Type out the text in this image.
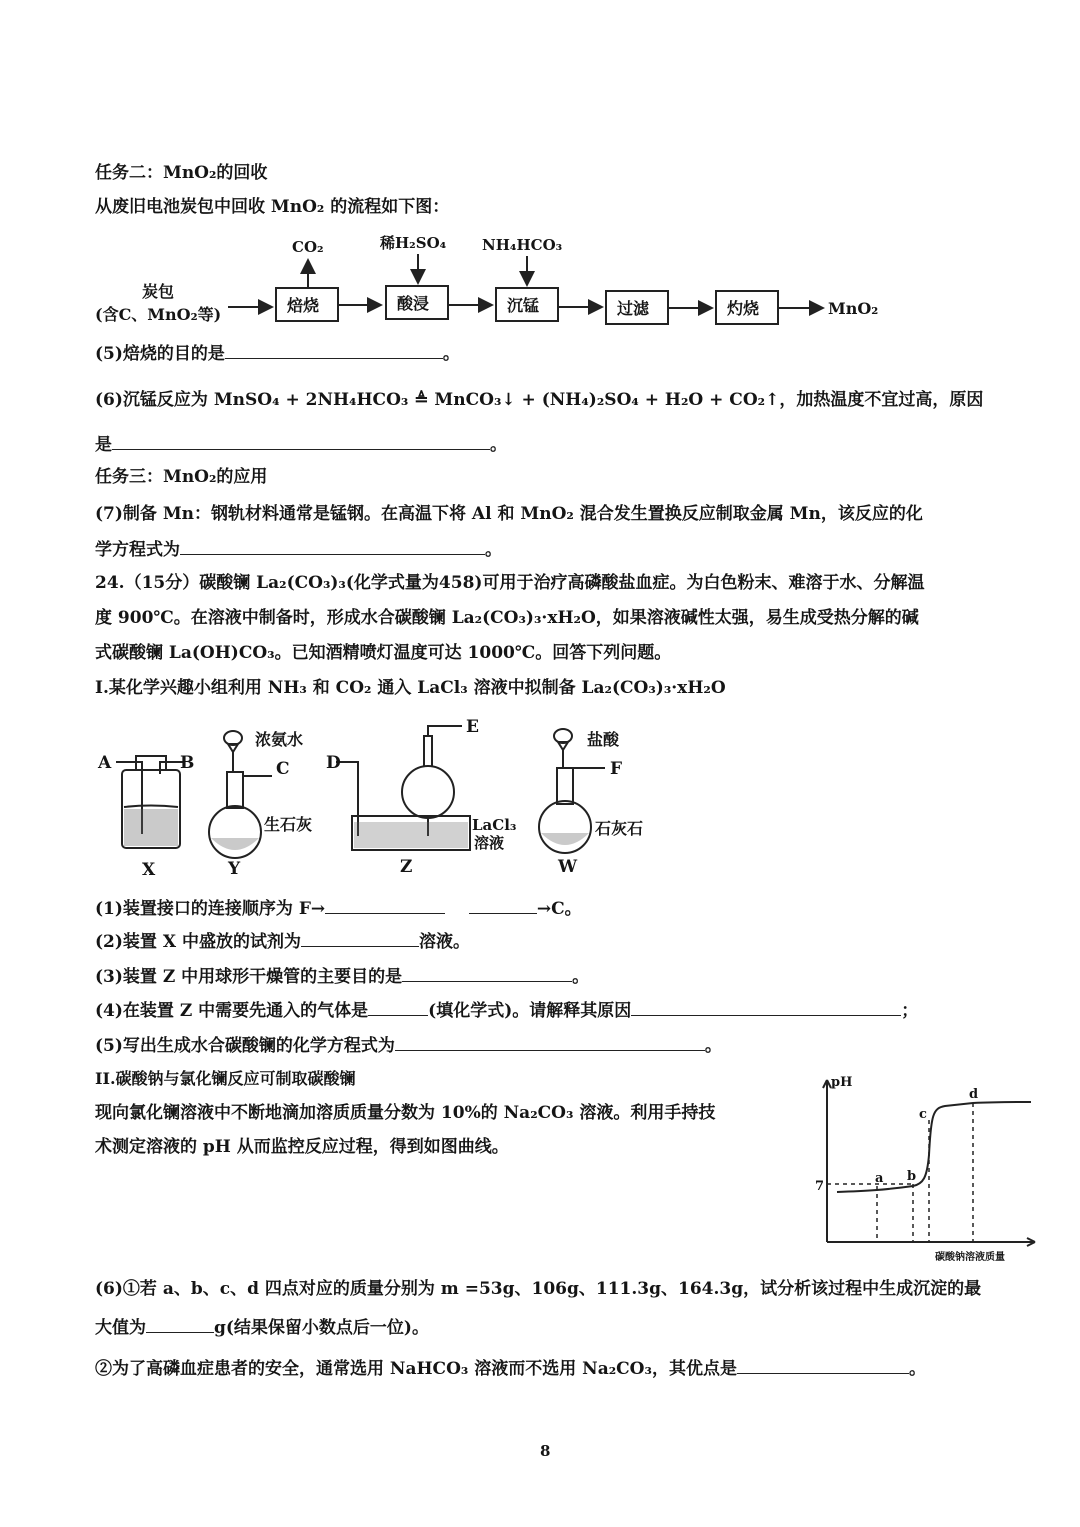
任务二：MnO₂的回收
从废旧电池炭包中回收 MnO₂ 的流程如下图：
炭包
(含C、MnO₂等)	焙烧	酸浸	沉锰	过滤	灼烧	MnO₂
CO₂	稀H₂SO₄ NH₄HCO₃
(5)焙烧的目的是	。
(6)沉锰反应为 MnSO₄ + 2NH₄HCO₃ ≜ MnCO₃↓ + (NH₄)₂SO₄ + H₂O + CO₂↑，加热温度不宜过高，原因
是	。
任务三：MnO₂的应用
(7)制备 Mn：钢轨材料通常是锰钢。在高温下将 Al 和 MnO₂ 混合发生置换反应制取金属 Mn，该反应的化
学方程式为	。
24.（15分）碳酸镧 La₂(CO₃)₃(化学式量为458)可用于治疗高磷酸盐血症。为白色粉末、难溶于水、分解温
度 900℃。在溶液中制备时，形成水合碳酸镧 La₂(CO₃)₃·xH₂O，如果溶液碱性太强，易生成受热分解的碱
式碳酸镧 La(OH)CO₃。已知酒精喷灯温度可达 1000℃。回答下列问题。
I.某化学兴趣小组利用 NH₃ 和 CO₂ 通入 LaCl₃ 溶液中拟制备 La₂(CO₃)₃·xH₂O
A	B
X
C
Y
D
E
Z
F
W
浓氨水
生石灰	LaCl₃
溶液
盐酸
石灰石
(1)装置接口的连接顺序为 F→	→C。
(2)装置 X 中盛放的试剂为	溶液。
(3)装置 Z 中用球形干燥管的主要目的是	。
(4)在装置 Z 中需要先通入的气体是	(填化学式)。请解释其原因	；
(5)写出生成水合碳酸镧的化学方程式为	。
II.碳酸钠与氯化镧反应可制取碳酸镧
现向氯化镧溶液中不断地滴加溶质质量分数为 10%的 Na₂CO₃ 溶液。利用手持技
术测定溶液的 pH 从而监控反应过程，得到如图曲线。
pH
7
a b
c
d
碳酸钠溶液质量
(6)①若 a、b、c、d 四点对应的质量分别为 m =53g、106g、111.3g、164.3g，试分析该过程中生成沉淀的最
大值为	g(结果保留小数点后一位)。
②为了高磷血症患者的安全，通常选用 NaHCO₃ 溶液而不选用 Na₂CO₃，其优点是	。
8
